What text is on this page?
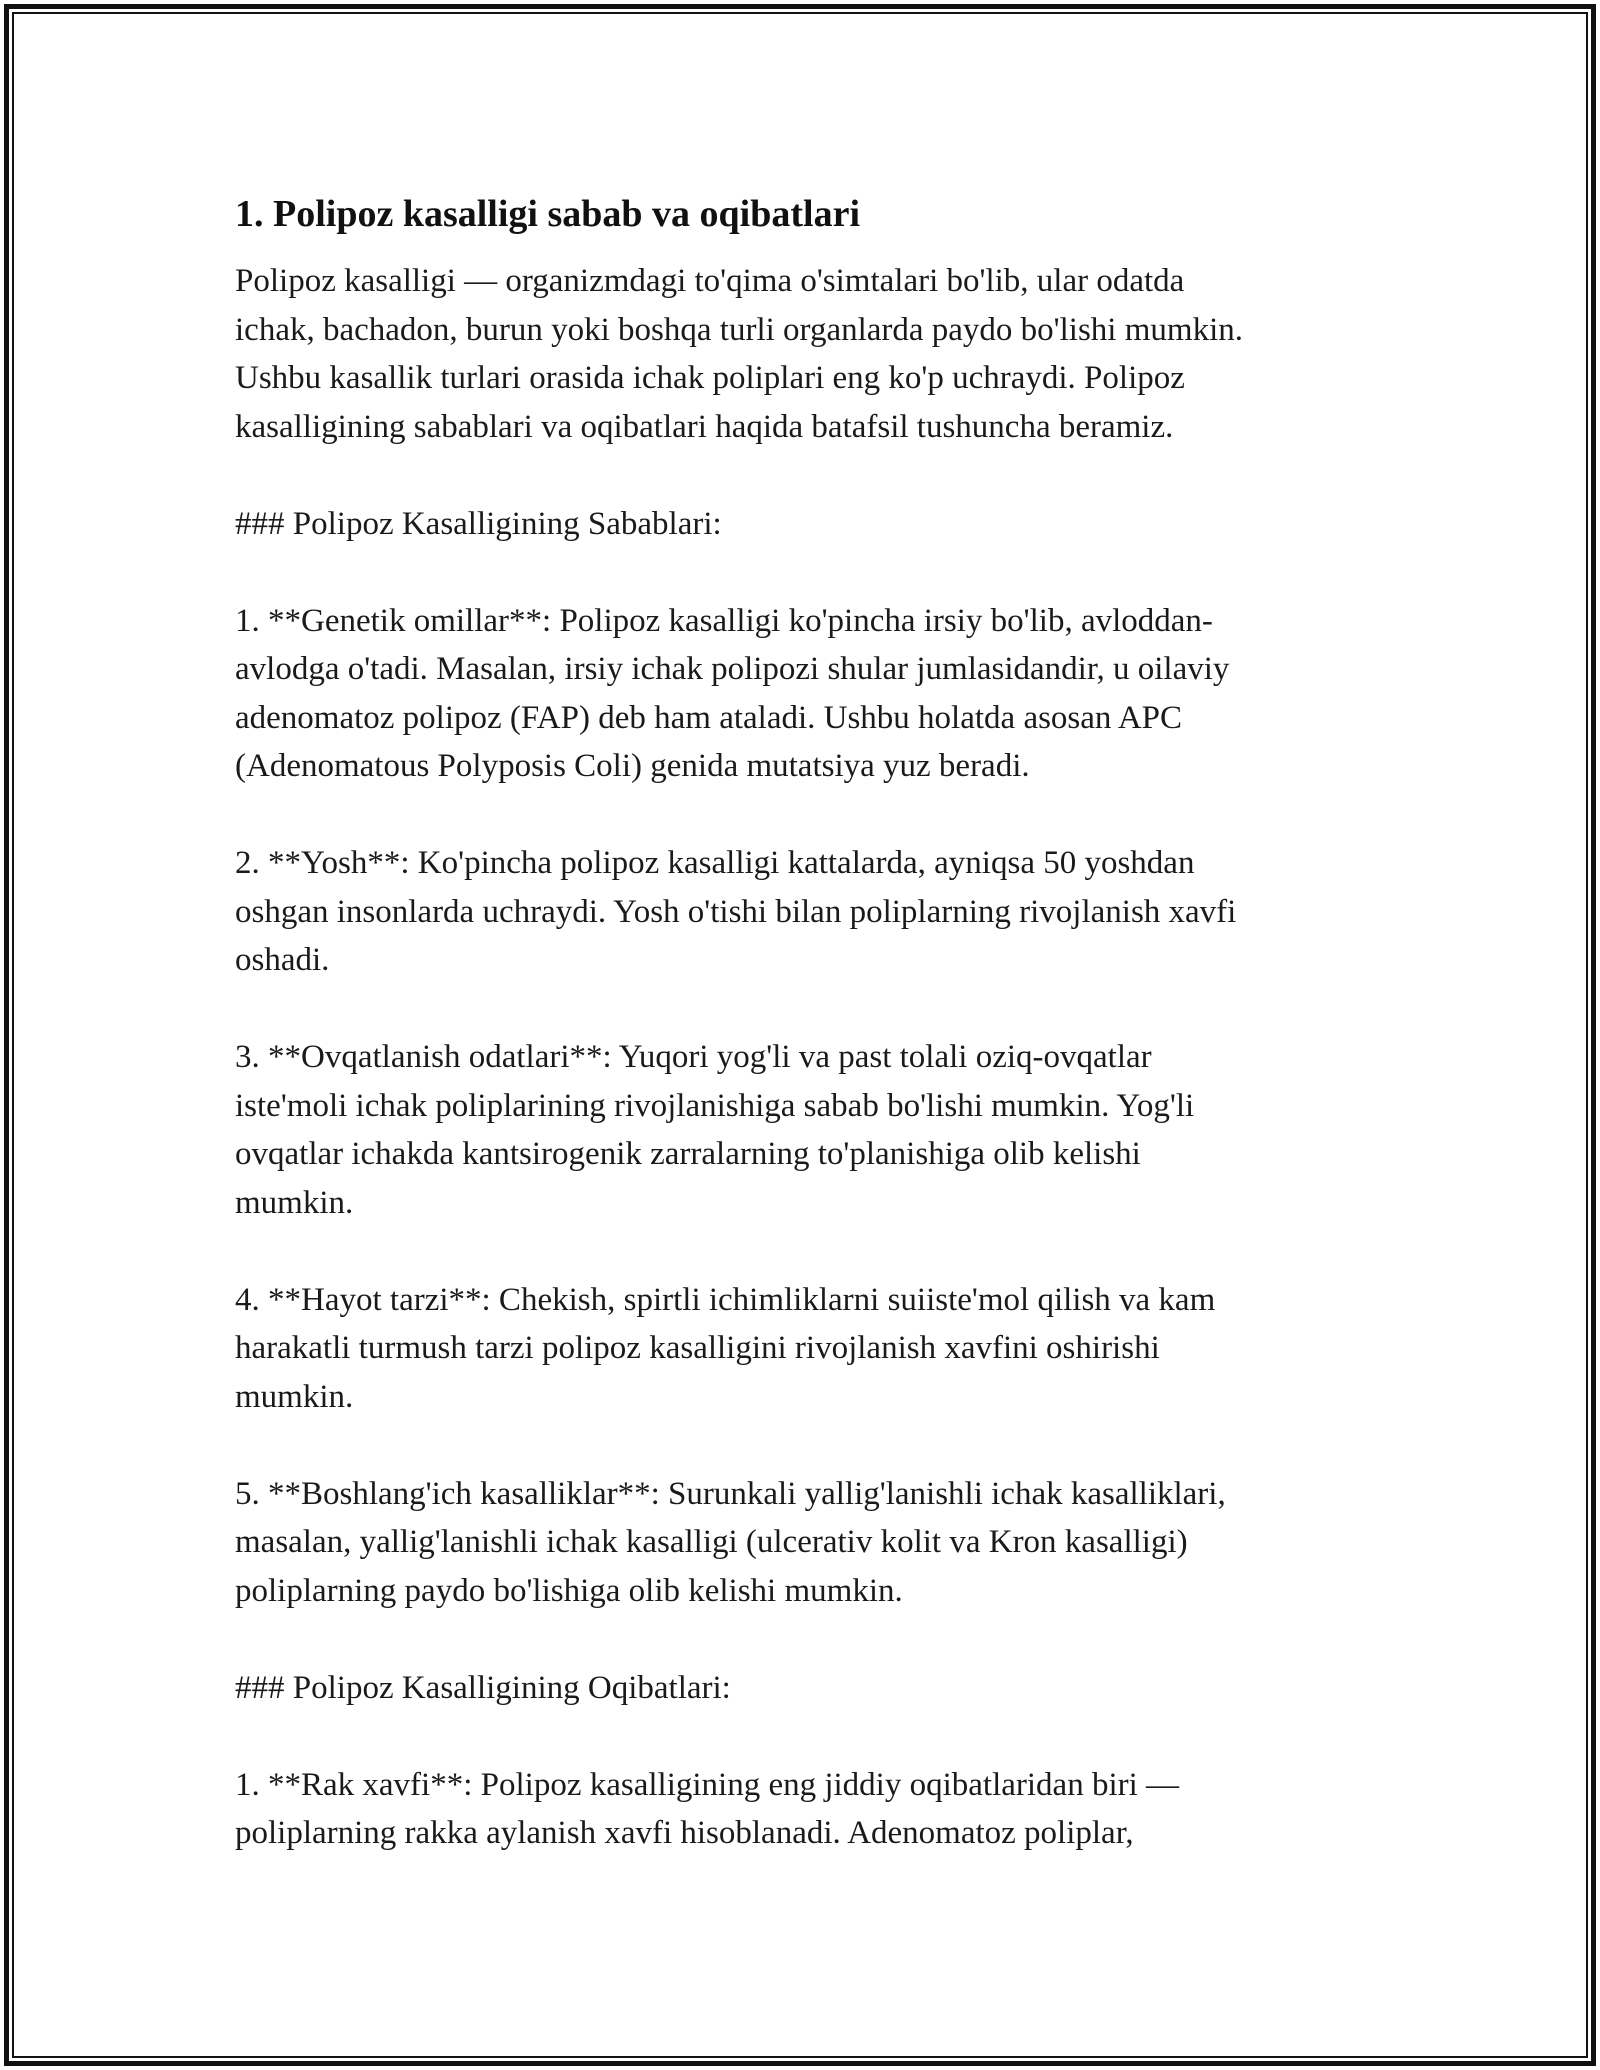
1. Polipoz kasalligi sabab va oqibatlari

Polipoz kasalligi — organizmdagi to'qima o'simtalari bo'lib, ular odatda
ichak, bachadon, burun yoki boshqa turli organlarda paydo bo'lishi mumkin.
Ushbu kasallik turlari orasida ichak poliplari eng ko'p uchraydi. Polipoz
kasalligining sabablari va oqibatlari haqida batafsil tushuncha beramiz.

### Polipoz Kasalligining Sabablari:

1. **Genetik omillar**: Polipoz kasalligi ko'pincha irsiy bo'lib, avloddan-
avlodga o'tadi. Masalan, irsiy ichak polipozi shular jumlasidandir, u oilaviy
adenomatoz polipoz (FAP) deb ham ataladi. Ushbu holatda asosan APC
(Adenomatous Polyposis Coli) genida mutatsiya yuz beradi.

2. **Yosh**: Ko'pincha polipoz kasalligi kattalarda, ayniqsa 50 yoshdan
oshgan insonlarda uchraydi. Yosh o'tishi bilan poliplarning rivojlanish xavfi
oshadi.

3. **Ovqatlanish odatlari**: Yuqori yog'li va past tolali oziq-ovqatlar
iste'moli ichak poliplarining rivojlanishiga sabab bo'lishi mumkin. Yog'li
ovqatlar ichakda kantsirogenik zarralarning to'planishiga olib kelishi
mumkin.

4. **Hayot tarzi**: Chekish, spirtli ichimliklarni suiiste'mol qilish va kam
harakatli turmush tarzi polipoz kasalligini rivojlanish xavfini oshirishi
mumkin.

5. **Boshlang'ich kasalliklar**: Surunkali yallig'lanishli ichak kasalliklari,
masalan, yallig'lanishli ichak kasalligi (ulcerativ kolit va Kron kasalligi)
poliplarning paydo bo'lishiga olib kelishi mumkin.

### Polipoz Kasalligining Oqibatlari:

1. **Rak xavfi**: Polipoz kasalligining eng jiddiy oqibatlaridan biri —
poliplarning rakka aylanish xavfi hisoblanadi. Adenomatoz poliplar,
